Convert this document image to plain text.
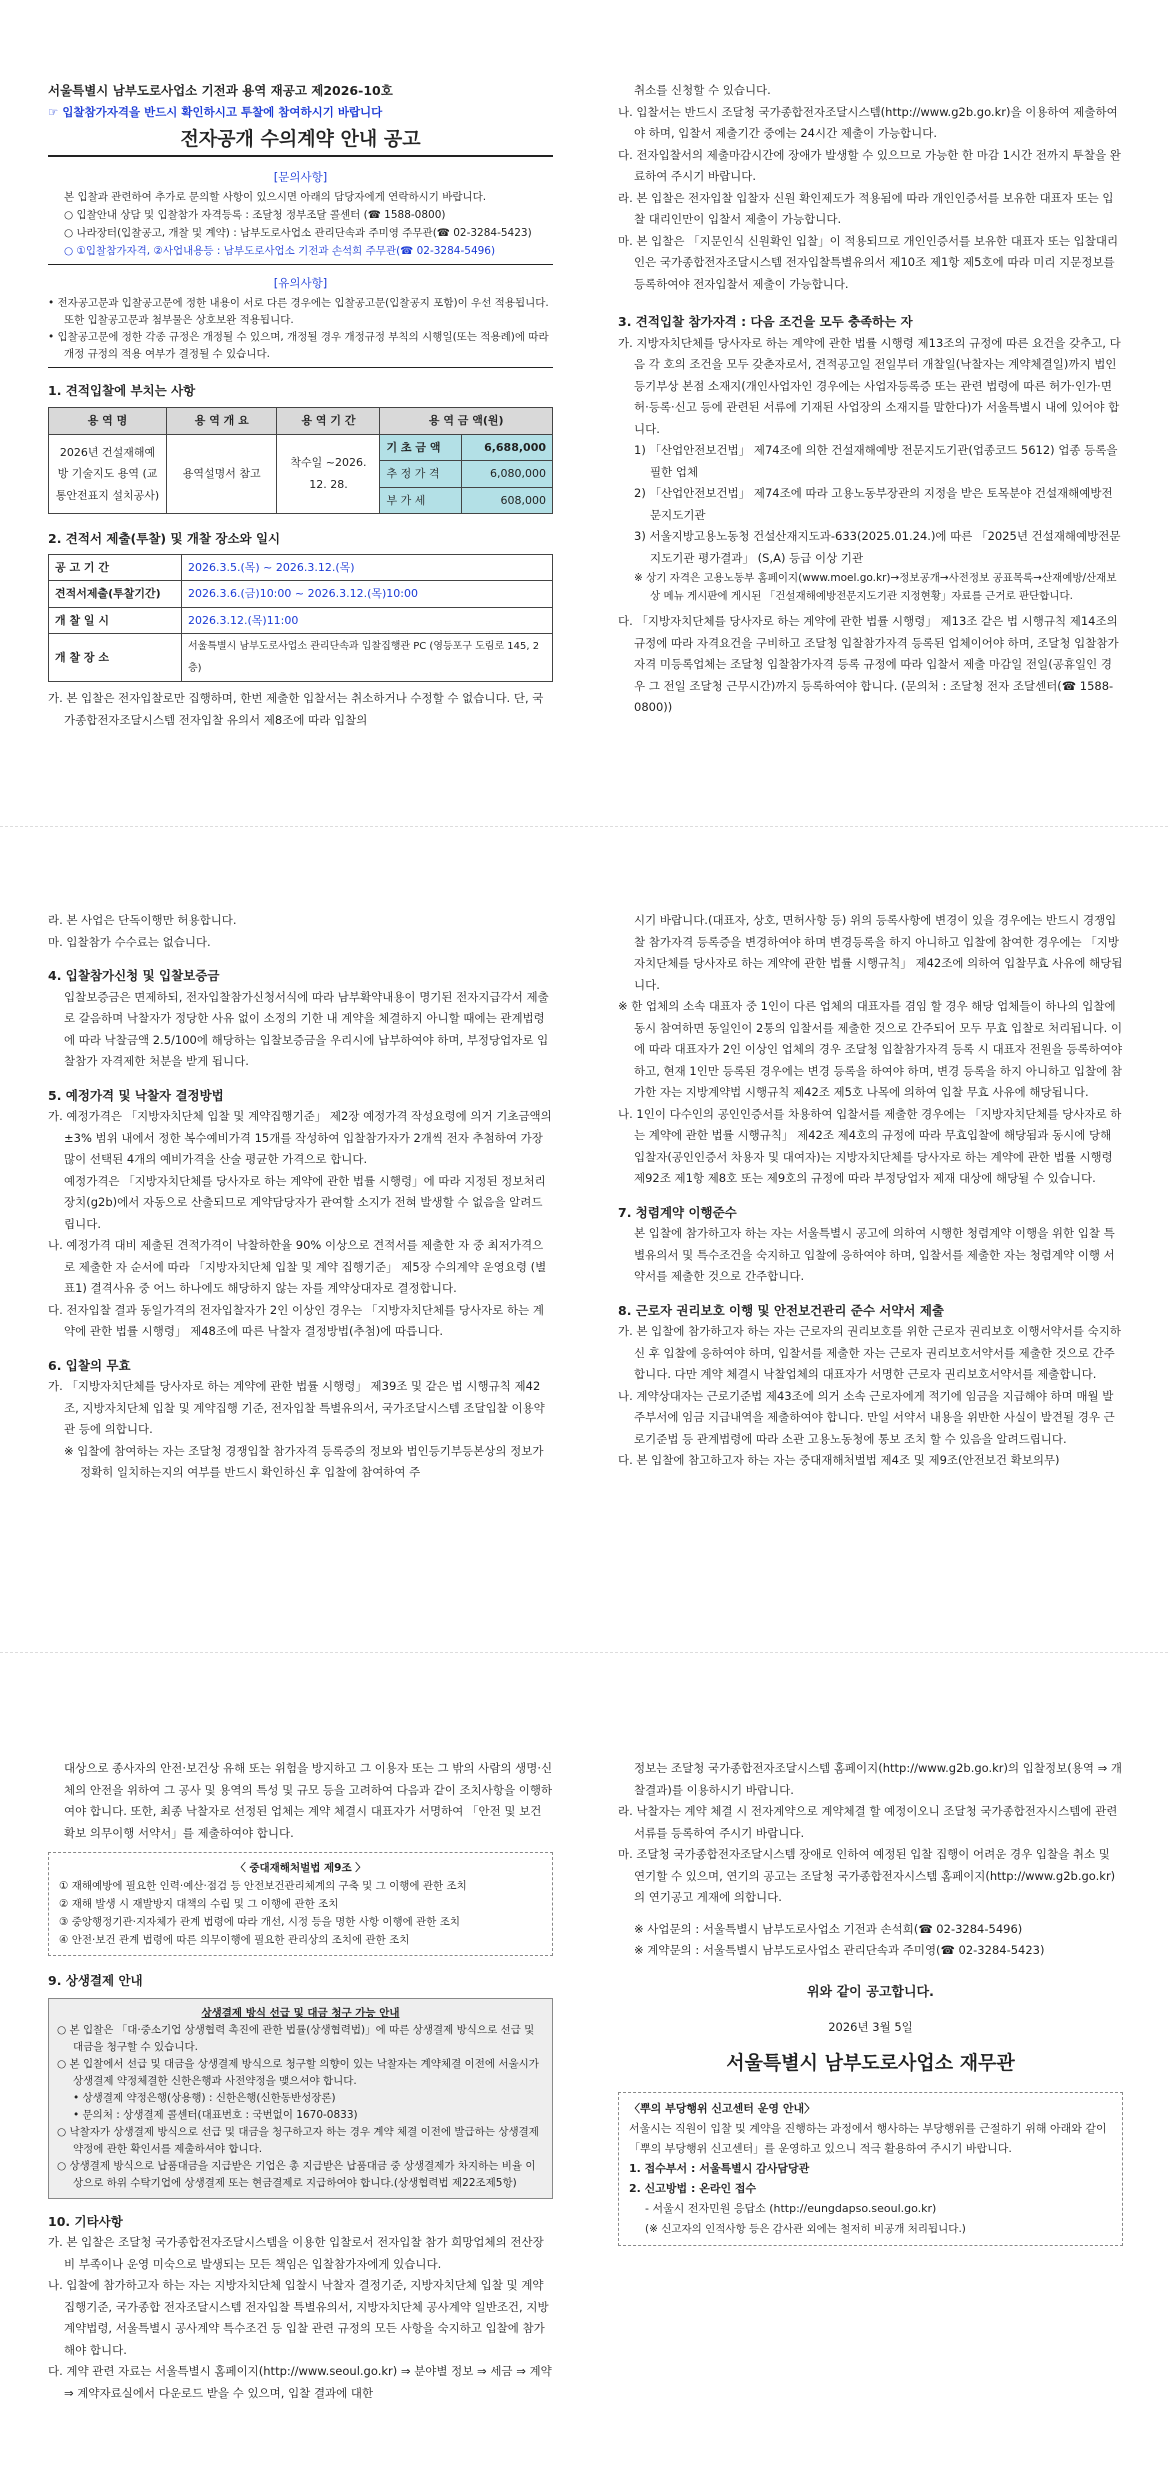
서울특별시 남부도로사업소 기전과 용역 재공고 제2026-10호

☞ 입찰참가자격을 반드시 확인하시고 투찰에 참여하시기 바랍니다

전자공개 수의계약 안내 공고

[문의사항]

본 입찰과 관련하여 추가로 문의할 사항이 있으시면 아래의 담당자에게 연락하시기 바랍니다.

○ 입찰안내 상담 및 입찰참가 자격등록 : 조달청 정부조달 콜센터 (☎ 1588-0800)

○ 나라장터(입찰공고, 개찰 및 계약) : 남부도로사업소 관리단속과 주미영 주무관(☎ 02-3284-5423)

○ ①입찰참가자격, ②사업내용등 : 남부도로사업소 기전과 손석희 주무관(☎ 02-3284-5496)

[유의사항]

• 전자공고문과 입찰공고문에 정한 내용이 서로 다른 경우에는 입찰공고문(입찰공지 포함)이 우선 적용됩니다. 또한 입찰공고문과 첨부물은 상호보완 적용됩니다.

• 입찰공고문에 정한 각종 규정은 개정될 수 있으며, 개정될 경우 개정규정 부칙의 시행일(또는 적용례)에 따라 개정 규정의 적용 여부가 결정될 수 있습니다.

1. 견적입찰에 부치는 사항

용 역 명	용 역 개 요	용 역 기 간	용 역 금 액(원)	
2026년 건설재해예방 기술지도 용역 (교통안전표지 설치공사)	용역설명서 참고	착수일 ~2026. 12. 28.	기 초 금 액	6,688,000
			추 정 가 격	6,080,000
			부 가 세	608,000

2. 견적서 제출(투찰) 및 개찰 장소와 일시

공 고 기 간	2026.3.5.(목) ~ 2026.3.12.(목)
견적서제출(투찰기간)	2026.3.6.(금)10:00 ~ 2026.3.12.(목)10:00
개 찰 일 시	2026.3.12.(목)11:00
개 찰 장 소	서울특별시 남부도로사업소 관리단속과 입찰집행관 PC (영등포구 도림로 145, 2층)

가. 본 입찰은 전자입찰로만 집행하며, 한번 제출한 입찰서는 취소하거나 수정할 수 없습니다. 단, 국가종합전자조달시스템 전자입찰 유의서 제8조에 따라 입찰의

취소를 신청할 수 있습니다.

나. 입찰서는 반드시 조달청 국가종합전자조달시스템(http://www.g2b.go.kr)을 이용하여 제출하여야 하며, 입찰서 제출기간 중에는 24시간 제출이 가능합니다.

다. 전자입찰서의 제출마감시간에 장애가 발생할 수 있으므로 가능한 한 마감 1시간 전까지 투찰을 완료하여 주시기 바랍니다.

라. 본 입찰은 전자입찰 입찰자 신원 확인제도가 적용됨에 따라 개인인증서를 보유한 대표자 또는 입찰 대리인만이 입찰서 제출이 가능합니다.

마. 본 입찰은 「지문인식 신원확인 입찰」이 적용되므로 개인인증서를 보유한 대표자 또는 입찰대리인은 국가종합전자조달시스템 전자입찰특별유의서 제10조 제1항 제5호에 따라 미리 지문정보를 등록하여야 전자입찰서 제출이 가능합니다.

3. 견적입찰 참가자격 : 다음 조건을 모두 충족하는 자

가. 지방자치단체를 당사자로 하는 계약에 관한 법률 시행령 제13조의 규정에 따른 요건을 갖추고, 다음 각 호의 조건을 모두 갖춘자로서, 견적공고일 전일부터 개찰일(낙찰자는 계약체결일)까지 법인등기부상 본점 소재지(개인사업자인 경우에는 사업자등록증 또는 관련 법령에 따른 허가·인가·면허·등록·신고 등에 관련된 서류에 기재된 사업장의 소재지를 말한다)가 서울특별시 내에 있어야 합니다.

1) 「산업안전보건법」 제74조에 의한 건설재해예방 전문지도기관(업종코드 5612) 업종 등록을 필한 업체

2) 「산업안전보건법」 제74조에 따라 고용노동부장관의 지정을 받은 토목분야 건설재해예방전문지도기관

3) 서울지방고용노동청 건설산재지도과-633(2025.01.24.)에 따른 「2025년 건설재해예방전문지도기관 평가결과」 (S,A) 등급 이상 기관

※ 상기 자격은 고용노동부 홈페이지(www.moel.go.kr)→정보공개→사전정보 공표목록→산재예방/산재보상 메뉴 게시판에 게시된 「건설재해예방전문지도기관 지정현황」자료를 근거로 판단합니다.

다. 「지방자치단체를 당사자로 하는 계약에 관한 법률 시행령」 제13조 같은 법 시행규칙 제14조의 규정에 따라 자격요건을 구비하고 조달청 입찰참가자격 등록된 업체이어야 하며, 조달청 입찰참가자격 미등록업체는 조달청 입찰참가자격 등록 규정에 따라 입찰서 제출 마감일 전일(공휴일인 경우 그 전일 조달청 근무시간)까지 등록하여야 합니다. (문의처 : 조달청 전자 조달센터(☎ 1588-0800))

라. 본 사업은 단독이행만 허용합니다.

마. 입찰참가 수수료는 없습니다.

4. 입찰참가신청 및 입찰보증금

입찰보증금은 면제하되, 전자입찰참가신청서식에 따라 남부확약내용이 명기된 전자지급각서 제출로 갈음하며 낙찰자가 정당한 사유 없이 소정의 기한 내 계약을 체결하지 아니할 때에는 관계법령에 따라 낙찰금액 2.5/100에 해당하는 입찰보증금을 우리시에 납부하여야 하며, 부정당업자로 입찰참가 자격제한 처분을 받게 됩니다.

5. 예정가격 및 낙찰자 결정방법

가. 예정가격은 「지방자치단체 입찰 및 계약집행기준」 제2장 예정가격 작성요령에 의거 기초금액의 ±3% 범위 내에서 정한 복수예비가격 15개를 작성하여 입찰참가자가 2개씩 전자 추첨하여 가장 많이 선택된 4개의 예비가격을 산술 평균한 가격으로 합니다.

예정가격은 「지방자치단체를 당사자로 하는 계약에 관한 법률 시행령」에 따라 지정된 정보처리장치(g2b)에서 자동으로 산출되므로 계약담당자가 관여할 소지가 전혀 발생할 수 없음을 알려드립니다.

나. 예정가격 대비 제출된 견적가격이 낙찰하한율 90% 이상으로 견적서를 제출한 자 중 최저가격으로 제출한 자 순서에 따라 「지방자치단체 입찰 및 계약 집행기준」 제5장 수의계약 운영요령 (별표1) 결격사유 중 어느 하나에도 해당하지 않는 자를 계약상대자로 결정합니다.

다. 전자입찰 결과 동일가격의 전자입찰자가 2인 이상인 경우는 「지방자치단체를 당사자로 하는 계약에 관한 법률 시행령」 제48조에 따른 낙찰자 결정방법(추첨)에 따릅니다.

6. 입찰의 무효

가. 「지방자치단체를 당사자로 하는 계약에 관한 법률 시행령」 제39조 및 같은 법 시행규칙 제42조, 지방자치단체 입찰 및 계약집행 기준, 전자입찰 특별유의서, 국가조달시스템 조달입찰 이용약관 등에 의합니다.

※ 입찰에 참여하는 자는 조달청 경쟁입찰 참가자격 등록증의 정보와 법인등기부등본상의 정보가 정확히 일치하는지의 여부를 반드시 확인하신 후 입찰에 참여하여 주

시기 바랍니다.(대표자, 상호, 면허사항 등) 위의 등록사항에 변경이 있을 경우에는 반드시 경쟁입찰 참가자격 등록증을 변경하여야 하며 변경등록을 하지 아니하고 입찰에 참여한 경우에는 「지방자치단체를 당사자로 하는 계약에 관한 법률 시행규칙」 제42조에 의하여 입찰무효 사유에 해당됩니다.

※ 한 업체의 소속 대표자 중 1인이 다른 업체의 대표자를 겸임 할 경우 해당 업체들이 하나의 입찰에 동시 참여하면 동일인이 2통의 입찰서를 제출한 것으로 간주되어 모두 무효 입찰로 처리됩니다. 이에 따라 대표자가 2인 이상인 업체의 경우 조달청 입찰참가자격 등록 시 대표자 전원을 등록하여야 하고, 현재 1인만 등록된 경우에는 변경 등록을 하여야 하며, 변경 등록을 하지 아니하고 입찰에 참가한 자는 지방계약법 시행규칙 제42조 제5호 나목에 의하여 입찰 무효 사유에 해당됩니다.

나. 1인이 다수인의 공인인증서를 차용하여 입찰서를 제출한 경우에는 「지방자치단체를 당사자로 하는 계약에 관한 법률 시행규칙」 제42조 제4호의 규정에 따라 무효입찰에 해당됨과 동시에 당해 입찰자(공인인증서 차용자 및 대여자)는 지방자치단체를 당사자로 하는 계약에 관한 법률 시행령 제92조 제1항 제8호 또는 제9호의 규정에 따라 부정당업자 제재 대상에 해당될 수 있습니다.

7. 청렴계약 이행준수

본 입찰에 참가하고자 하는 자는 서울특별시 공고에 의하여 시행한 청렴계약 이행을 위한 입찰 특별유의서 및 특수조건을 숙지하고 입찰에 응하여야 하며, 입찰서를 제출한 자는 청렴계약 이행 서약서를 제출한 것으로 간주합니다.

8. 근로자 권리보호 이행 및 안전보건관리 준수 서약서 제출

가. 본 입찰에 참가하고자 하는 자는 근로자의 권리보호를 위한 근로자 권리보호 이행서약서를 숙지하신 후 입찰에 응하여야 하며, 입찰서를 제출한 자는 근로자 권리보호서약서를 제출한 것으로 간주합니다. 다만 계약 체결시 낙찰업체의 대표자가 서명한 근로자 권리보호서약서를 제출합니다.

나. 계약상대자는 근로기준법 제43조에 의거 소속 근로자에게 적기에 임금을 지급해야 하며 매월 발주부서에 임금 지급내역을 제출하여야 합니다. 만일 서약서 내용을 위반한 사실이 발견될 경우 근로기준법 등 관계법령에 따라 소관 고용노동청에 통보 조치 할 수 있음을 알려드립니다.

다. 본 입찰에 참고하고자 하는 자는 중대재해처벌법 제4조 및 제9조(안전보건 확보의무)

대상으로 종사자의 안전·보건상 유해 또는 위험을 방지하고 그 이용자 또는 그 밖의 사람의 생명·신체의 안전을 위하여 그 공사 및 용역의 특성 및 규모 등을 고려하여 다음과 같이 조치사항을 이행하여야 합니다. 또한, 최종 낙찰자로 선정된 업체는 계약 체결시 대표자가 서명하여 「안전 및 보건 확보 의무이행 서약서」를 제출하여야 합니다.

〈 중대재해처벌법 제9조 〉

① 재해예방에 필요한 인력·예산·점검 등 안전보건관리체계의 구축 및 그 이행에 관한 조치

② 재해 발생 시 재발방지 대책의 수립 및 그 이행에 관한 조치

③ 중앙행정기관·지자체가 관계 법령에 따라 개선, 시정 등을 명한 사항 이행에 관한 조치

④ 안전·보건 관계 법령에 따른 의무이행에 필요한 관리상의 조치에 관한 조치

9. 상생결제 안내

상생결제 방식 선급 및 대금 청구 가능 안내

○ 본 입찰은 「대·중소기업 상생협력 촉진에 관한 법률(상생협력법)」에 따른 상생결제 방식으로 선급 및 대금을 청구할 수 있습니다.

○ 본 입찰에서 선급 및 대금을 상생결제 방식으로 청구할 의향이 있는 낙찰자는 계약체결 이전에 서울시가 상생결제 약정체결한 신한은행과 사전약정을 맺으셔야 합니다.

• 상생결제 약정은행(상용행) : 신한은행(신한동반성장론)

• 문의처 : 상생결제 콜센터(대표번호 : 국번없이 1670-0833)

○ 낙찰자가 상생결제 방식으로 선급 및 대금을 청구하고자 하는 경우 계약 체결 이전에 발급하는 상생결제 약정에 관한 확인서를 제출하셔야 합니다.

○ 상생결제 방식으로 납품대금을 지급받은 기업은 총 지급받은 납품대금 중 상생결제가 차지하는 비율 이상으로 하위 수탁기업에 상생결제 또는 현금결제로 지급하여야 합니다.(상생협력법 제22조제5항)

10. 기타사항

가. 본 입찰은 조달청 국가종합전자조달시스템을 이용한 입찰로서 전자입찰 참가 희망업체의 전산장비 부족이나 운영 미숙으로 발생되는 모든 책임은 입찰참가자에게 있습니다.

나. 입찰에 참가하고자 하는 자는 지방자치단체 입찰시 낙찰자 결정기준, 지방자치단체 입찰 및 계약 집행기준, 국가종합 전자조달시스템 전자입찰 특별유의서, 지방자치단체 공사계약 일반조건, 지방계약법령, 서울특별시 공사계약 특수조건 등 입찰 관련 규정의 모든 사항을 숙지하고 입찰에 참가해야 합니다.

다. 계약 관련 자료는 서울특별시 홈페이지(http://www.seoul.go.kr) ⇒ 분야별 정보 ⇒ 세금 ⇒ 계약 ⇒ 계약자료실에서 다운로드 받을 수 있으며, 입찰 결과에 대한

정보는 조달청 국가종합전자조달시스템 홈페이지(http://www.g2b.go.kr)의 입찰정보(용역 ⇒ 개찰결과)를 이용하시기 바랍니다.

라. 낙찰자는 계약 체결 시 전자계약으로 계약체결 할 예정이오니 조달청 국가종합전자시스템에 관련서류를 등록하여 주시기 바랍니다.

마. 조달청 국가종합전자조달시스템 장애로 인하여 예정된 입찰 집행이 어려운 경우 입찰을 취소 및 연기할 수 있으며, 연기의 공고는 조달청 국가종합전자시스템 홈페이지(http://www.g2b.go.kr)의 연기공고 게재에 의합니다.

※ 사업문의 : 서울특별시 남부도로사업소 기전과 손석희(☎ 02-3284-5496)

※ 계약문의 : 서울특별시 남부도로사업소 관리단속과 주미영(☎ 02-3284-5423)

위와 같이 공고합니다.

2026년 3월 5일

서울특별시 남부도로사업소 재무관

〈뿌의 부당행위 신고센터 운영 안내〉

서울시는 직원이 입찰 및 계약을 진행하는 과정에서 행사하는 부당행위를 근절하기 위해 아래와 같이 「뿌의 부당행위 신고센터」를 운영하고 있으니 적극 활용하여 주시기 바랍니다.

1. 접수부서 : 서울특별시 감사담당관

2. 신고방법 : 온라인 접수

- 서울시 전자민원 응답소 (http://eungdapso.seoul.go.kr)

(※ 신고자의 인적사항 등은 감사관 외에는 철저히 비공개 처리됩니다.)
